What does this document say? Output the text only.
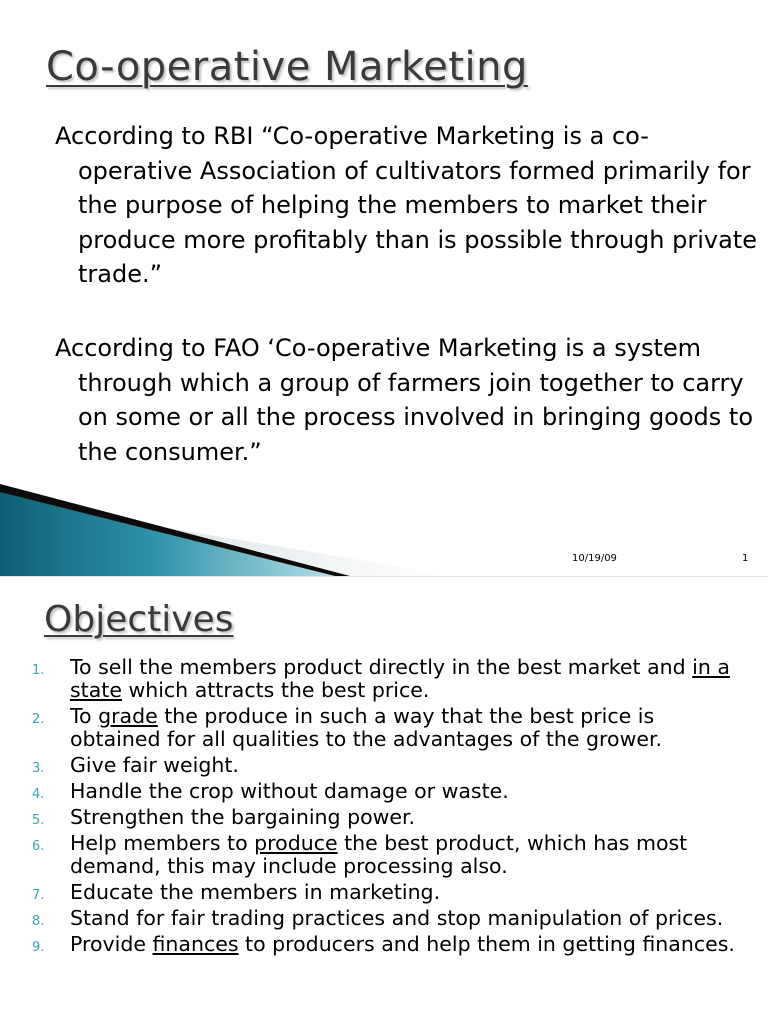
Co-operative Marketing
According to RBI “Co-operative Marketing is a co-operative Association of cultivators formed primarily for the purpose of helping the members to market their produce more profitably than is possible through private trade.”
According to FAO ‘Co-operative Marketing is a system through which a group of farmers join together to carry on some or all the process involved in bringing goods to the consumer.”
10/19/09	1
Objectives
1. To sell the members product directly in the best market and in a state which attracts the best price.
2. To grade the produce in such a way that the best price is obtained for all qualities to the advantages of the grower.
3. Give fair weight.
4. Handle the crop without damage or waste.
5. Strengthen the bargaining power.
6. Help members to produce the best product, which has most demand, this may include processing also.
7. Educate the members in marketing.
8. Stand for fair trading practices and stop manipulation of prices.
9. Provide finances to producers and help them in getting finances.
